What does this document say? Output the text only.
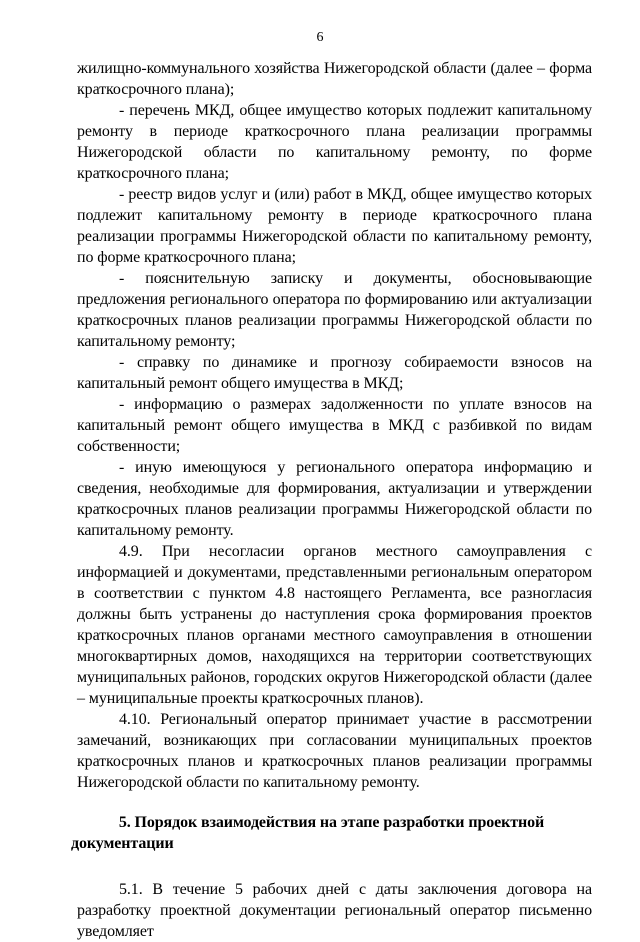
6

жилищно-коммунального хозяйства Нижегородской области (далее – форма краткосрочного плана);

- перечень МКД, общее имущество которых подлежит капитальному ремонту в периоде краткосрочного плана реализации программы Нижегородской области по капитальному ремонту, по форме краткосрочного плана;

- реестр видов услуг и (или) работ в МКД, общее имущество которых подлежит капитальному ремонту в периоде краткосрочного плана реализации программы Нижегородской области по капитальному ремонту, по форме краткосрочного плана;

- пояснительную записку и документы, обосновывающие предложения регионального оператора по формированию или актуализации краткосрочных планов реализации программы Нижегородской области по капитальному ремонту;

- справку по динамике и прогнозу собираемости взносов на капитальный ремонт общего имущества в МКД;

- информацию о размерах задолженности по уплате взносов на капитальный ремонт общего имущества в МКД с разбивкой по видам собственности;

- иную имеющуюся у регионального оператора информацию и сведения, необходимые для формирования, актуализации и утверждении краткосрочных планов реализации программы Нижегородской области по капитальному ремонту.

4.9. При несогласии органов местного самоуправления с информацией и документами, представленными региональным оператором в соответствии с пунктом 4.8 настоящего Регламента, все разногласия должны быть устранены до наступления срока формирования проектов краткосрочных планов органами местного самоуправления в отношении многоквартирных домов, находящихся на территории соответствующих муниципальных районов, городских округов Нижегородской области (далее – муниципальные проекты краткосрочных планов).

4.10. Региональный оператор принимает участие в рассмотрении замечаний, возникающих при согласовании муниципальных проектов краткосрочных планов и краткосрочных планов реализации программы Нижегородской области по капитальному ремонту.

5. Порядок взаимодействия на этапе разработки проектной документации

5.1. В течение 5 рабочих дней с даты заключения договора на разработку проектной документации региональный оператор письменно уведомляет
